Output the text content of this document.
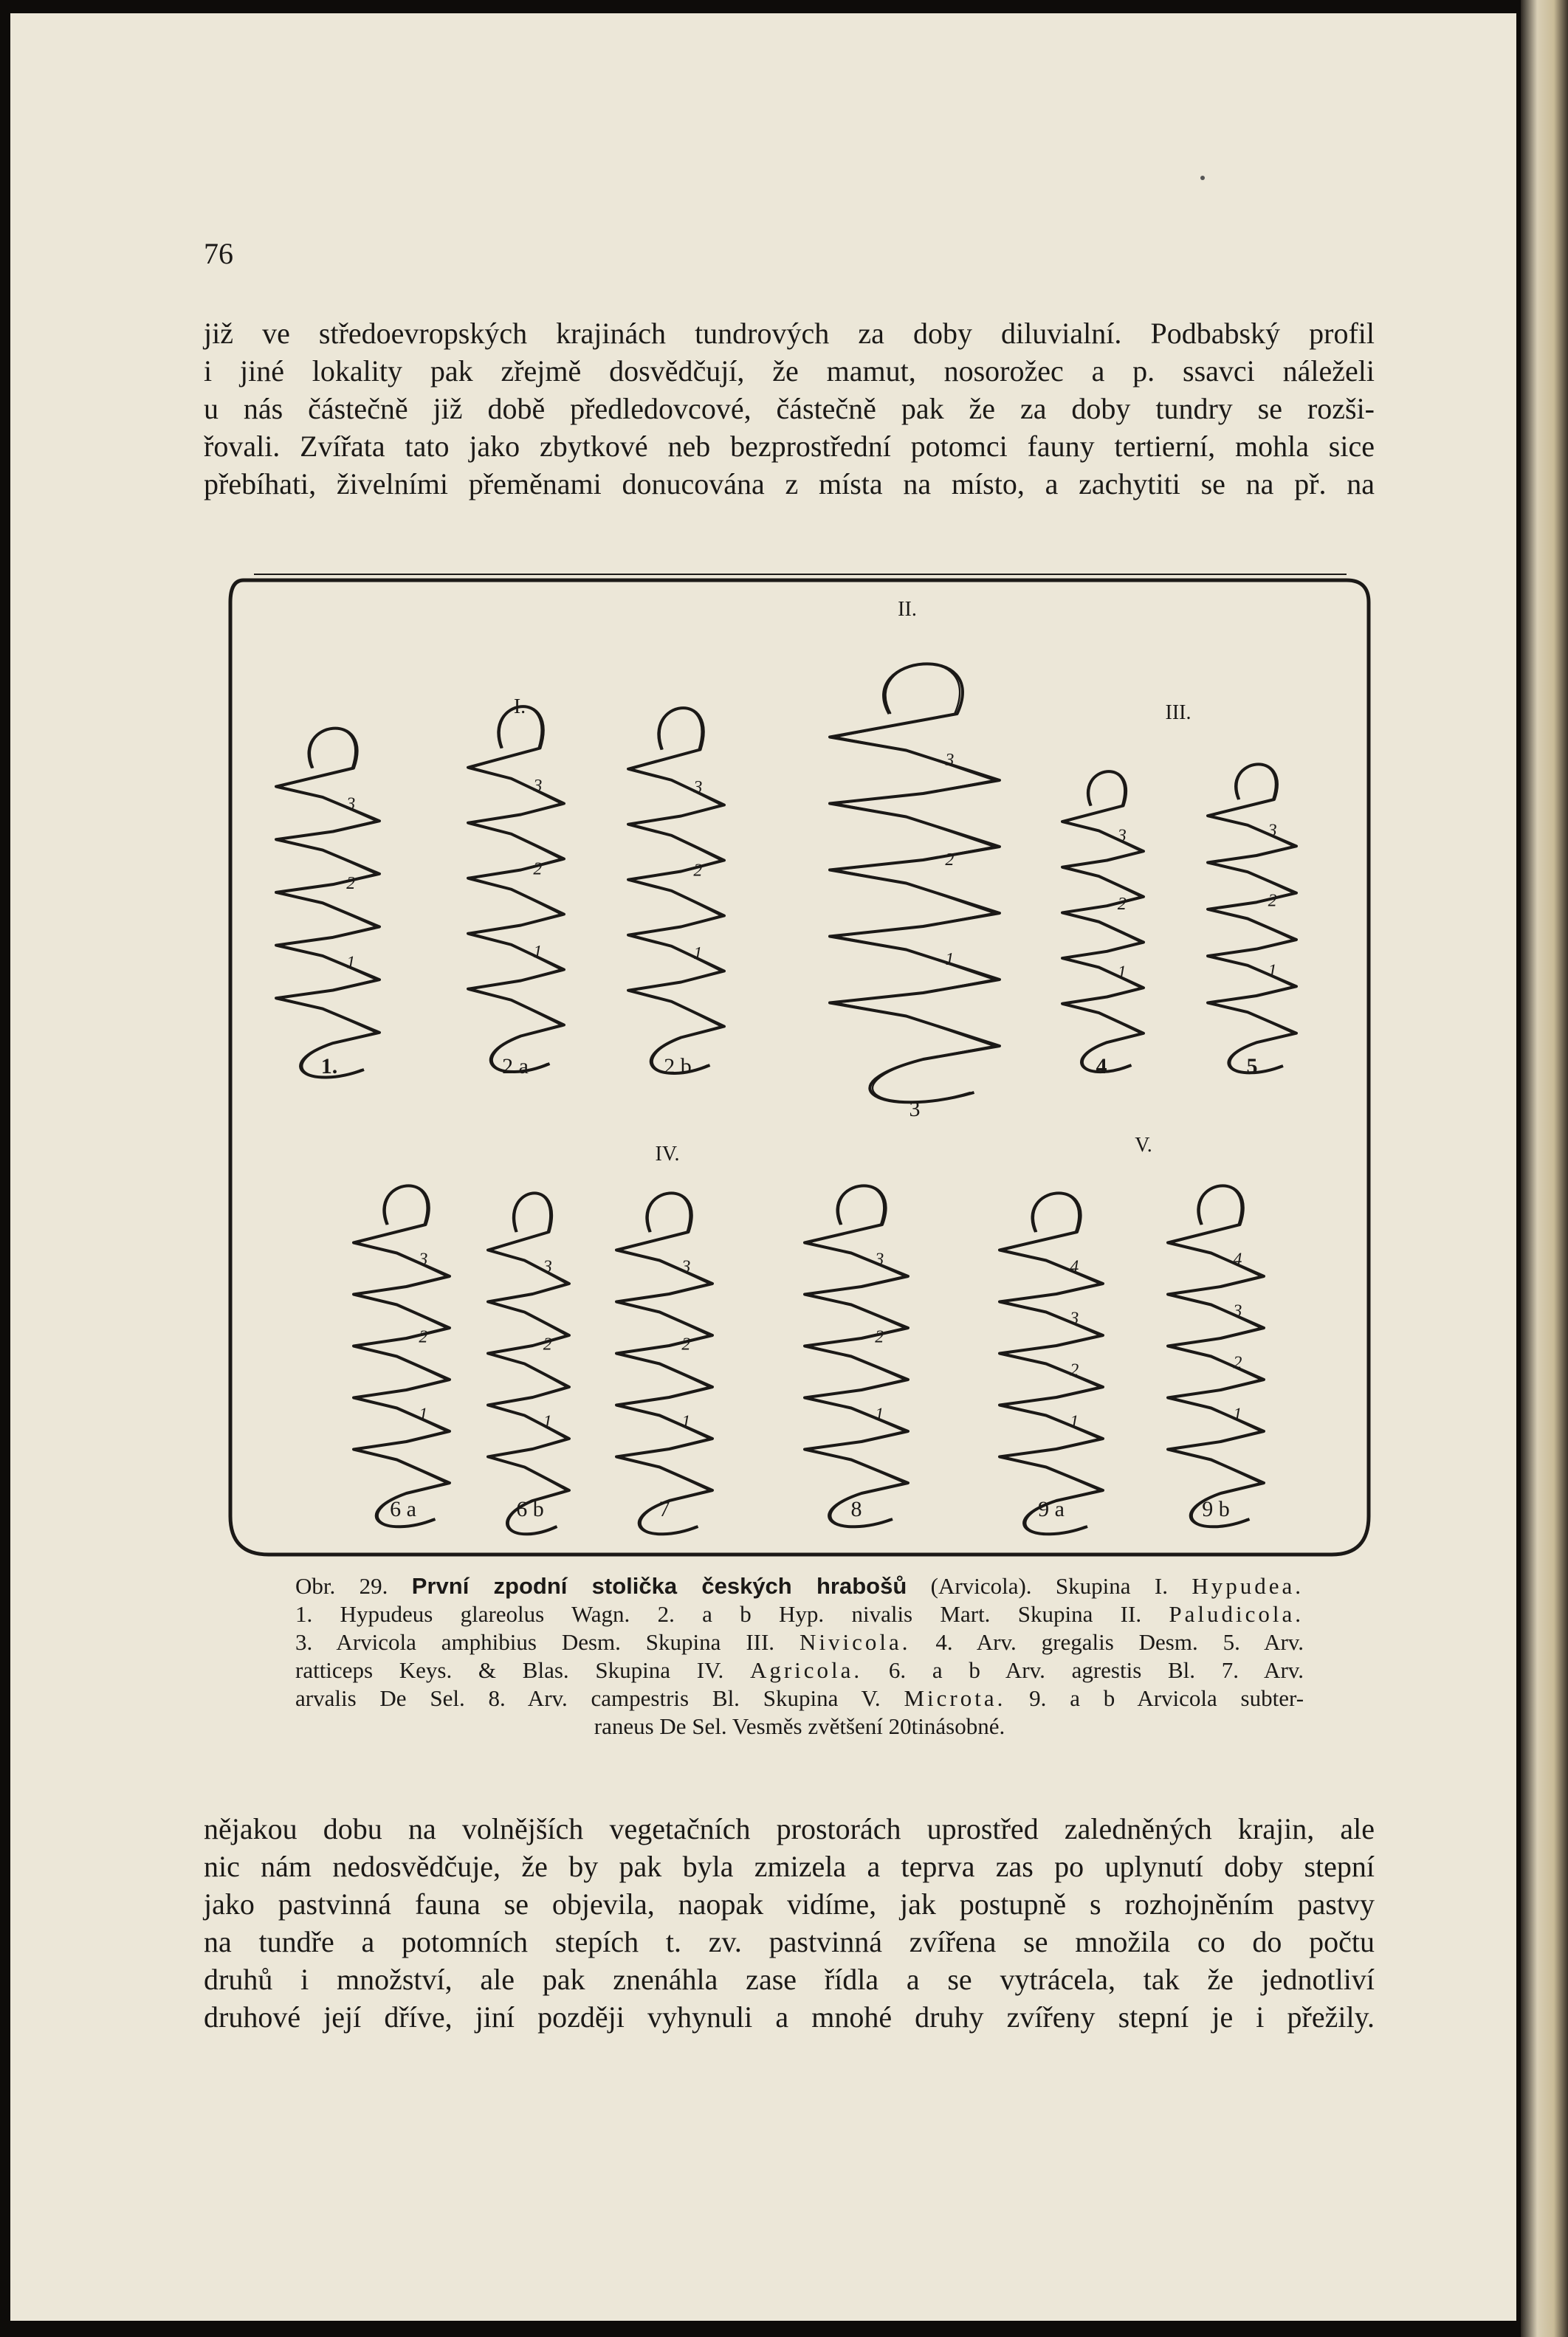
76
již ve středoevropských krajinách tundrových za doby diluvialní. Podbabský profil
i jiné lokality pak zřejmě dosvědčují, že mamut, nosorožec a p. ssavci náleželi
u nás částečně již době předledovcové, částečně pak že za doby tundry se rozši-
řovali. Zvířata tato jako zbytkové neb bezprostřední potomci fauny tertierní, mohla sice
přebíhati, živelními přeměnami donucována z místa na místo, a zachytiti se na př. na
3
2
1
3
2
1
3
2
1
3
2
1
3
2
1
3
2
1
3
2
1
3
2
1
3
2
1
3
2
1
4
3
2
1
4
3
2
1
II.
I.	III.
IV.	V.
1.	2 a	2 b
3
4	5
6 a	6 b	7	8	9 a	9 b
Obr. 29. První zpodní stolička českých hrabošů (Arvicola). Skupina I. Hypudea.
1. Hypudeus glareolus Wagn. 2. a b Hyp. nivalis Mart. Skupina II. Paludicola.
3. Arvicola amphibius Desm. Skupina III. Nivicola. 4. Arv. gregalis Desm. 5. Arv.
ratticeps Keys. & Blas. Skupina IV. Agricola. 6. a b Arv. agrestis Bl. 7. Arv.
arvalis De Sel. 8. Arv. campestris Bl. Skupina V. Microta. 9. a b Arvicola subter-
raneus De Sel. Vesměs zvětšení 20tinásobné.
nějakou dobu na volnějších vegetačních prostorách uprostřed zaledněných krajin, ale
nic nám nedosvědčuje, že by pak byla zmizela a teprva zas po uplynutí doby stepní
jako pastvinná fauna se objevila, naopak vidíme, jak postupně s rozhojněním pastvy
na tundře a potomních stepích t. zv. pastvinná zvířena se množila co do počtu
druhů i množství, ale pak znenáhla zase řídla a se vytrácela, tak že jednotliví
druhové její dříve, jiní později vyhynuli a mnohé druhy zvířeny stepní je i přežily.
